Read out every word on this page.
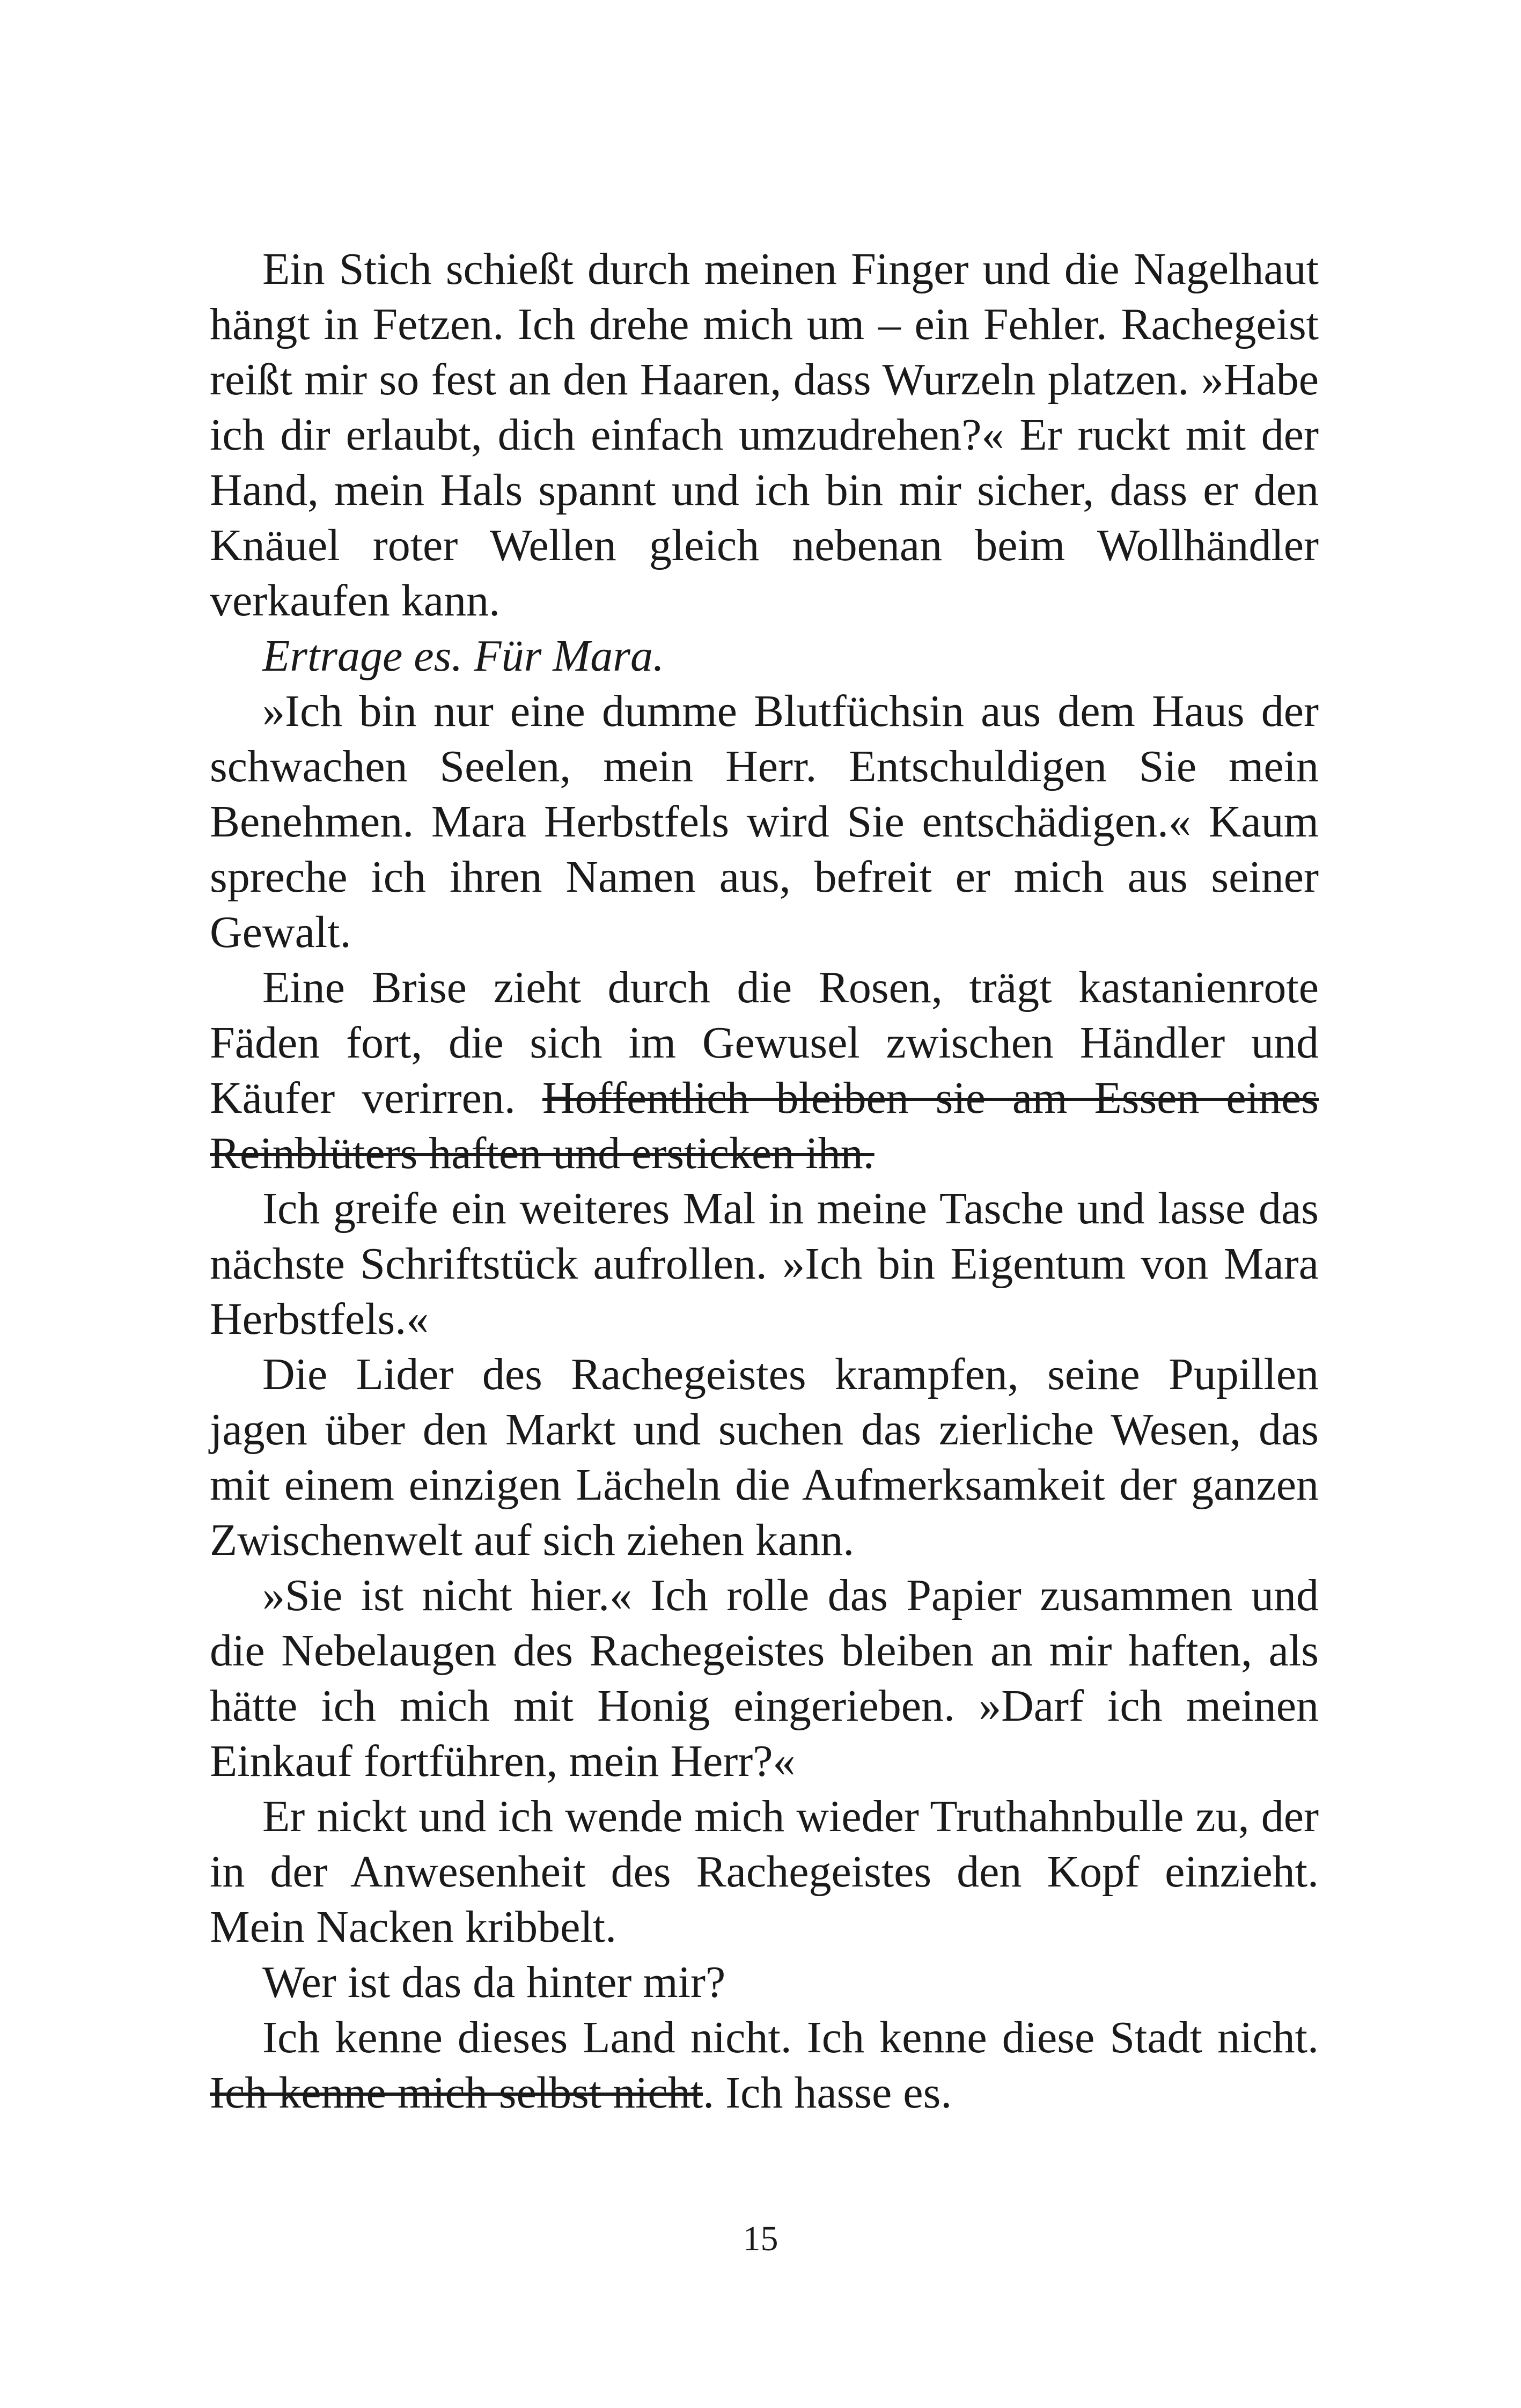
Ein Stich schießt durch meinen Finger und die Nagelhaut hängt in Fetzen. Ich drehe mich um – ein Fehler. Rachegeist reißt mir so fest an den Haaren, dass Wurzeln platzen. »Habe ich dir erlaubt, dich einfach umzudrehen?« Er ruckt mit der Hand, mein Hals spannt und ich bin mir sicher, dass er den Knäuel roter Wellen gleich nebenan beim Wollhändler verkaufen kann.

Ertrage es. Für Mara.

»Ich bin nur eine dumme Blutfüchsin aus dem Haus der schwachen Seelen, mein Herr. Entschuldigen Sie mein Benehmen. Mara Herbstfels wird Sie entschädigen.« Kaum spreche ich ihren Namen aus, befreit er mich aus seiner Gewalt.

Eine Brise zieht durch die Rosen, trägt kastanienrote Fäden fort, die sich im Gewusel zwischen Händler und Käufer verirren. Hoffentlich bleiben sie am Essen eines Reinblüters haften und ersticken ihn.

Ich greife ein weiteres Mal in meine Tasche und lasse das nächste Schriftstück aufrollen. »Ich bin Eigentum von Mara Herbstfels.«

Die Lider des Rachegeistes krampfen, seine Pupillen jagen über den Markt und suchen das zierliche Wesen, das mit einem einzigen Lächeln die Aufmerksamkeit der ganzen Zwischenwelt auf sich ziehen kann.

»Sie ist nicht hier.« Ich rolle das Papier zusammen und die Nebelaugen des Rachegeistes bleiben an mir haften, als hätte ich mich mit Honig eingerieben. »Darf ich meinen Einkauf fortführen, mein Herr?«

Er nickt und ich wende mich wieder Truthahnbulle zu, der in der Anwesenheit des Rachegeistes den Kopf einzieht. Mein Nacken kribbelt.

Wer ist das da hinter mir?

Ich kenne dieses Land nicht. Ich kenne diese Stadt nicht. Ich kenne mich selbst nicht. Ich hasse es.

15
